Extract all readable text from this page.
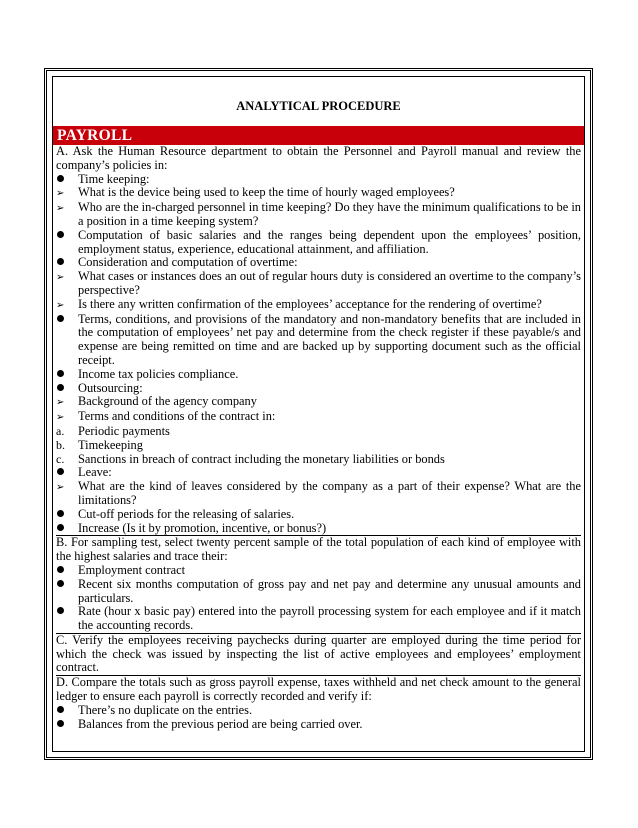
ANALYTICAL PROCEDURE
PAYROLL

A. Ask the Human Resource department to obtain the Personnel and Payroll manual and review the company’s policies in:

Time keeping:
➢
What is the device being used to keep the time of hourly waged employees?
➢
Who are the in-charged personnel in time keeping? Do they have the minimum qualifications to be in a position in a time keeping system?
Computation of basic salaries and the ranges being dependent upon the employees’ position, employment status, experience, educational attainment, and affiliation.
Consideration and computation of overtime:
➢
What cases or instances does an out of regular hours duty is considered an overtime to the company’s perspective?
➢
Is there any written confirmation of the employees’ acceptance for the rendering of overtime?
Terms, conditions, and provisions of the mandatory and non-mandatory benefits that are included in the computation of employees’ net pay and determine from the check register if these payable/s and expense are being remitted on time and are backed up by supporting document such as the official receipt.
Income tax policies compliance.
Outsourcing:
➢
Background of the agency company
➢
Terms and conditions of the contract in:
a.	Periodic payments
b.	Timekeeping
c.	Sanctions in breach of contract including the monetary liabilities or bonds
Leave:
➢
What are the kind of leaves considered by the company as a part of their expense? What are the limitations?
Cut-off periods for the releasing of salaries.
Increase (Is it by promotion, incentive, or bonus?)

B. For sampling test, select twenty percent sample of the total population of each kind of employee with the highest salaries and trace their:

Employment contract
Recent six months computation of gross pay and net pay and determine any unusual amounts and particulars.
Rate (hour x basic pay) entered into the payroll processing system for each employee and if it match the accounting records.

C. Verify the employees receiving paychecks during quarter are employed during the time period for which the check was issued by inspecting the list of active employees and employees’ employment contract.

D. Compare the totals such as gross payroll expense, taxes withheld and net check amount to the general ledger to ensure each payroll is correctly recorded and verify if:

There’s no duplicate on the entries.
Balances from the previous period are being carried over.
